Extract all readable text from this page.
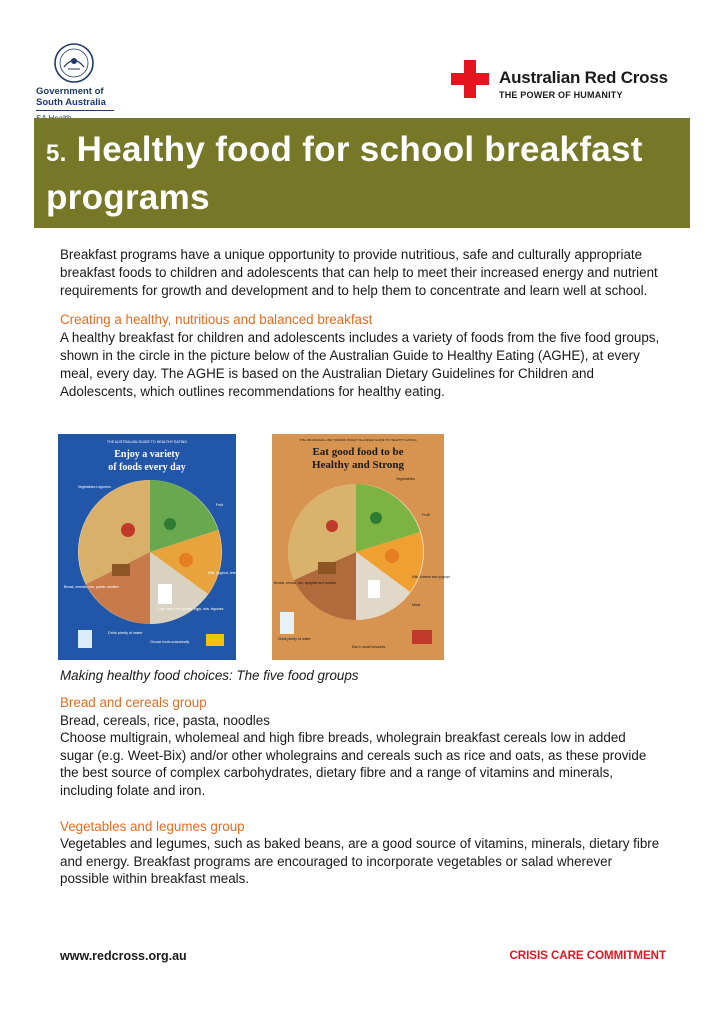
Government of South Australia
Australian Red Cross
THE POWER OF HUMANITY
5. Healthy food for school breakfast programs

Breakfast programs have a unique opportunity to provide nutritious, safe and culturally appropriate breakfast foods to children and adolescents that can help to meet their increased energy and nutrient requirements for growth and development and to help them to concentrate and learn well at school.

Creating a healthy, nutritious and balanced breakfast

A healthy breakfast for children and adolescents includes a variety of foods from the five food groups, shown in the circle in the picture below of the Australian Guide to Healthy Eating (AGHE), at every meal, every day. The AGHE is based on the Australian Dietary Guidelines for Children and Adolescents, which outlines recommendations for healthy eating.

THE AUSTRALIAN GUIDE TO HEALTHY EATING
Enjoy a variety
of foods every day
Vegetables Legumes
Fruit
Milk, yoghurt, cheese
Bread, cereals, rice, pasta, noodles
Lean meat, fish, poultry, eggs, nuts, legumes
Drink plenty of water
Choose foods occasionally
THE ABORIGINAL AND TORRES STRAIT ISLANDER GUIDE TO HEALTHY EATING
Eat good food to be
Healthy and Strong
Vegetables
Fruit
Milk, cheese and yoghurt
Breads, cereals, rice, spaghetti and noodles
Meat
Drink plenty of water
Eat in small amounts
Making healthy food choices: The five food groups

Bread and cereals group

Bread, cereals, rice, pasta, noodles

Choose multigrain, wholemeal and high fibre breads, wholegrain breakfast cereals low in added sugar (e.g. Weet-Bix) and/or other wholegrains and cereals such as rice and oats, as these provide the best source of complex carbohydrates, dietary fibre and a range of vitamins and minerals, including folate and iron.

Vegetables and legumes group

Vegetables and legumes, such as baked beans, are a good source of vitamins, minerals, dietary fibre and energy. Breakfast programs are encouraged to incorporate vegetables or salad wherever possible within breakfast meals.

www.redcross.org.au	CRISIS CARE COMMITMENT
